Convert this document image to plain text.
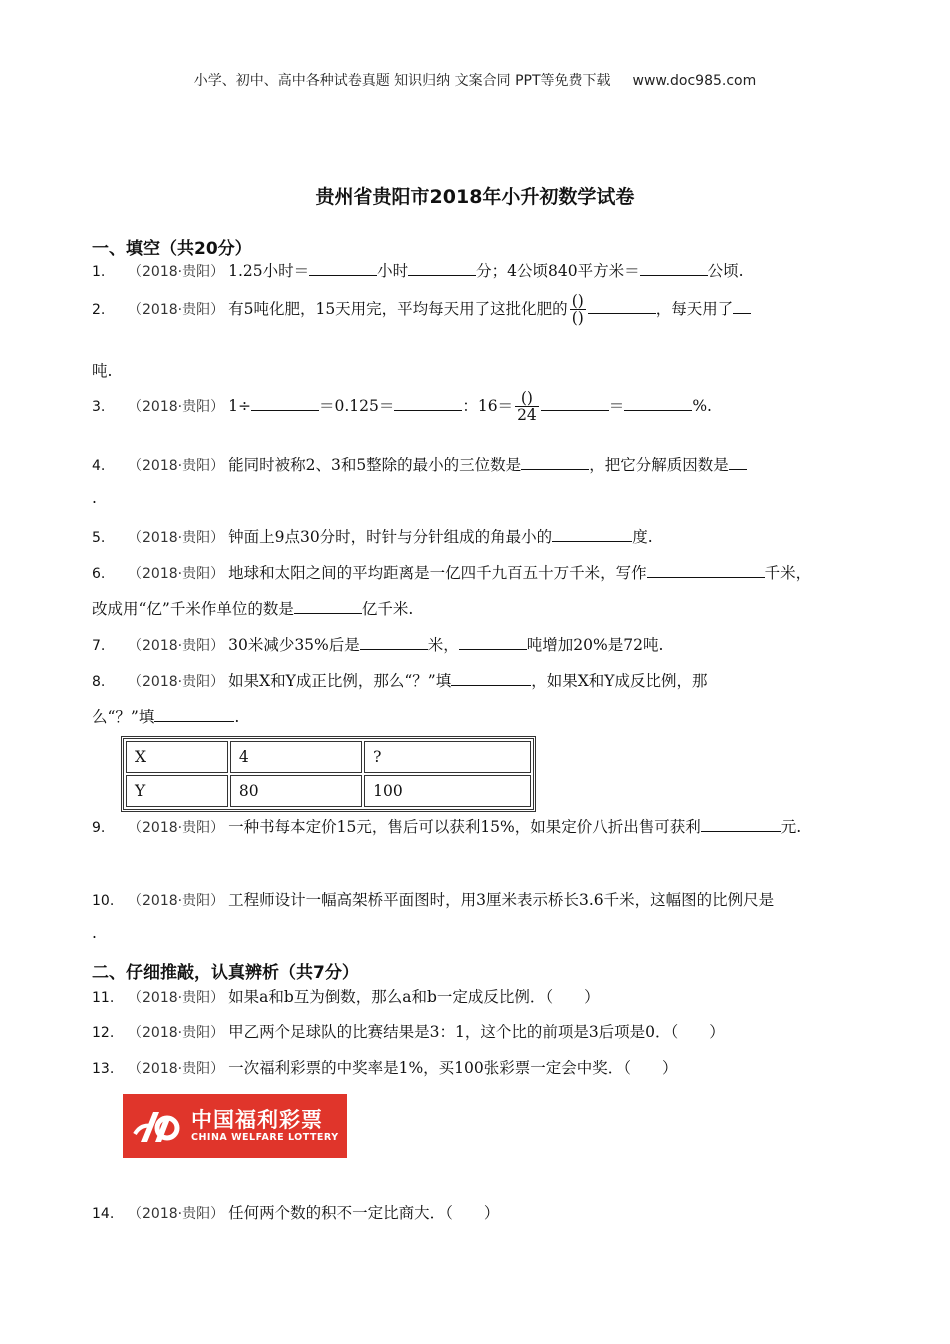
小学、初中、高中各种试卷真题 知识归纳 文案合同 PPT等免费下载 www.doc985.com
贵州省贵阳市2018年小升初数学试卷
一、填空（共20分）
1. （2018·贵阳） 1.25小时＝	小时	分；4公顷840平方米＝	公顷.
2. （2018·贵阳） 有5吨化肥，15天用完，平均每天用了这批化肥的 $\frac{()}{()}$	，每天用了
吨.
3. （2018·贵阳） 1÷	＝0.125＝	：$16= \frac{()}{24}$	＝	%.
4. （2018·贵阳） 能同时被称2、3和5整除的最小的三位数是	，把它分解质因数是
.
5. （2018·贵阳） 钟面上9点30分时，时针与分针组成的角最小的	度.
6. （2018·贵阳） 地球和太阳之间的平均距离是一亿四千九百五十万千米，写作	千米，
改成用“亿”千米作单位的数是	亿千米.
7. （2018·贵阳） 30米减少35%后是	米，	吨增加20%是72吨.
8. （2018·贵阳） 如果X和Y成正比例，那么“？”填	，如果X和Y成反比例，那
么“？”填	.
X	4	?
Y	80	100
9. （2018·贵阳） 一种书每本定价15元，售后可以获利15%，如果定价八折出售可获利	元.
10. （2018·贵阳） 工程师设计一幅高架桥平面图时，用3厘米表示桥长3.6千米，这幅图的比例尺是
.
二、仔细推敲，认真辨析（共7分）
11. （2018·贵阳） 如果a和b互为倒数，那么a和b一定成反比例．（　　）
12. （2018·贵阳） 甲乙两个足球队的比赛结果是3：1，这个比的前项是3后项是0．（　　）
13. （2018·贵阳） 一次福利彩票的中奖率是1%，买100张彩票一定会中奖．（　　）
中国福利彩票
CHINA WELFARE LOTTERY
14. （2018·贵阳） 任何两个数的积不一定比商大．（　　）
